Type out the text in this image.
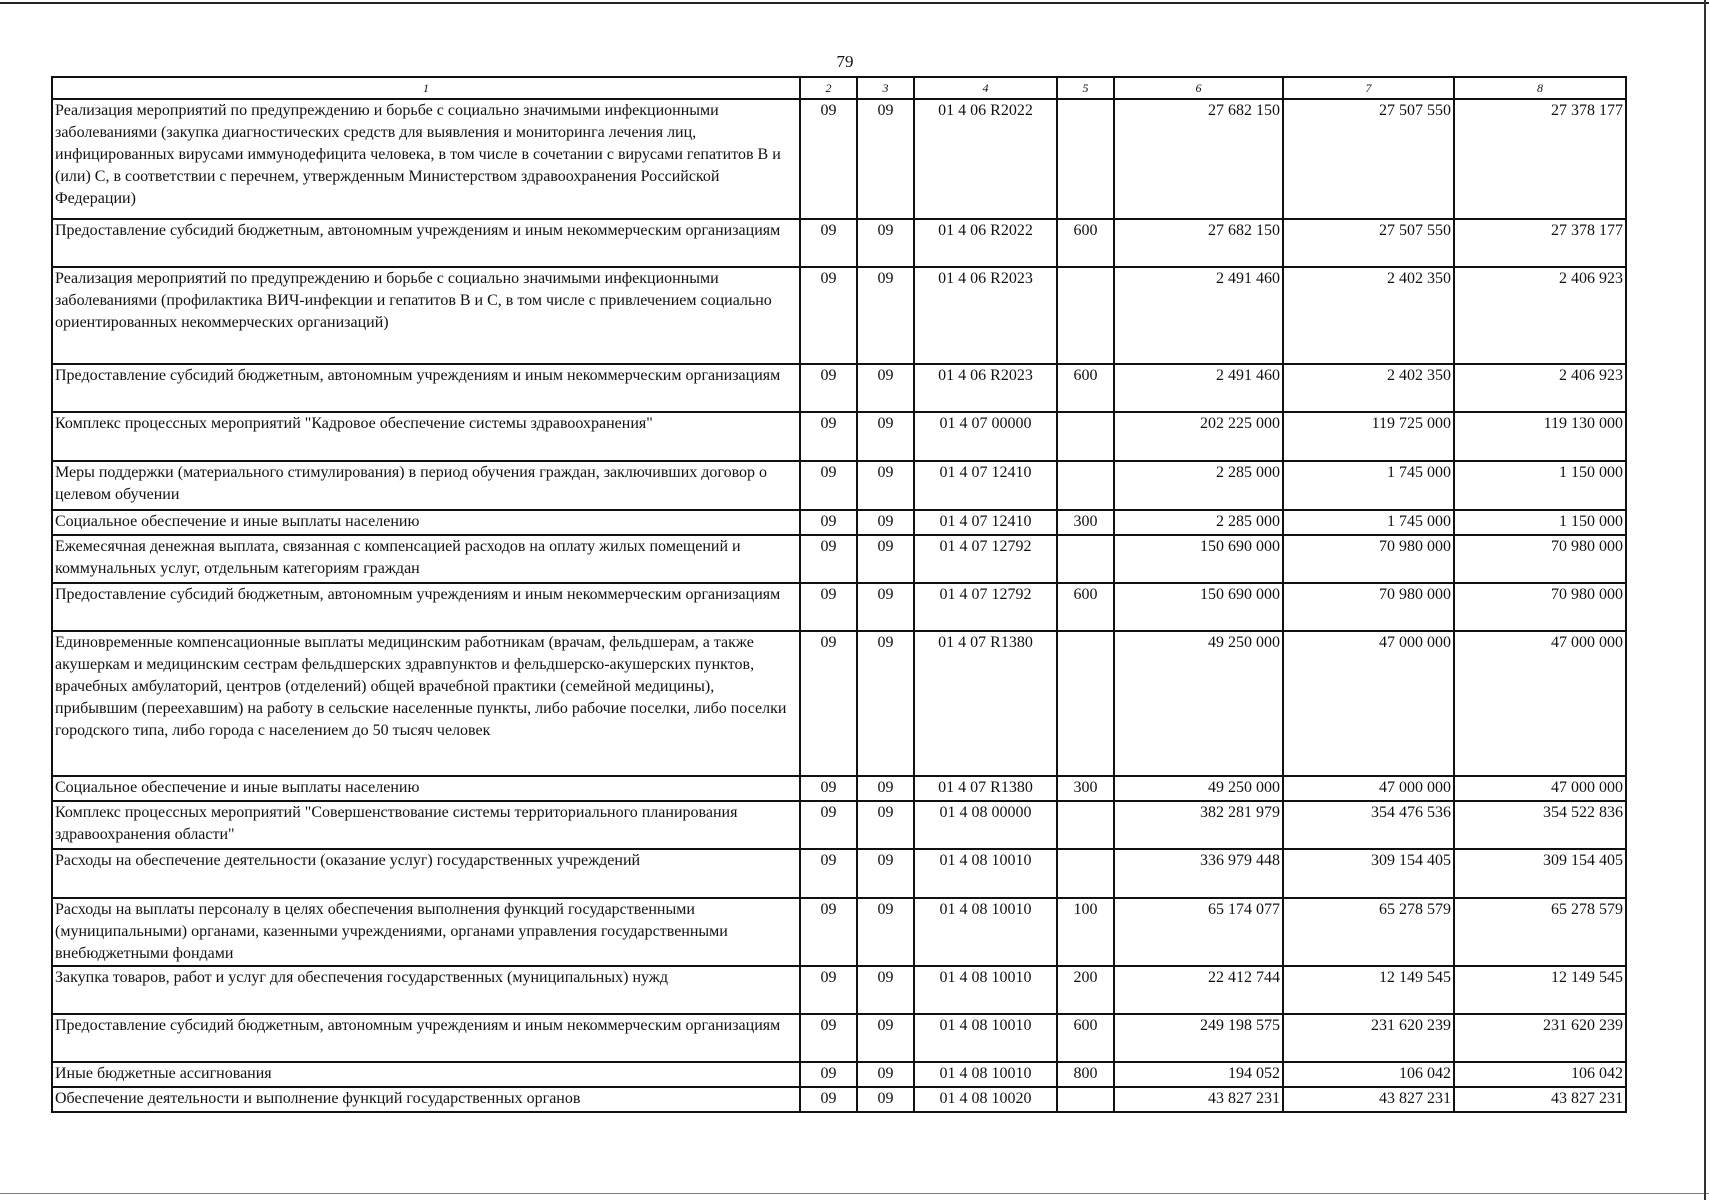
79
1	2	3	4	5	6	7	8
Реализация мероприятий по предупреждению и борьбе с социально значимыми инфекционными заболеваниями (закупка диагностических средств для выявления и мониторинга лечения лиц, инфицированных вирусами иммунодефицита человека, в том числе в сочетании с вирусами гепатитов В и (или) С, в соответствии с перечнем, утвержденным Министерством здравоохранения Российской Федерации)	09	09	01 4 06 R2022		27 682 150	27 507 550	27 378 177
Предоставление субсидий бюджетным, автономным учреждениям и иным некоммерческим организациям	09	09	01 4 06 R2022	600	27 682 150	27 507 550	27 378 177
Реализация мероприятий по предупреждению и борьбе с социально значимыми инфекционными заболеваниями (профилактика ВИЧ-инфекции и гепатитов В и С, в том числе с привлечением социально ориентированных некоммерческих организаций)	09	09	01 4 06 R2023		2 491 460	2 402 350	2 406 923
Предоставление субсидий бюджетным, автономным учреждениям и иным некоммерческим организациям	09	09	01 4 06 R2023	600	2 491 460	2 402 350	2 406 923
Комплекс процессных мероприятий "Кадровое обеспечение системы здравоохранения"	09	09	01 4 07 00000		202 225 000	119 725 000	119 130 000
Меры поддержки (материального стимулирования) в период обучения граждан, заключивших договор о целевом обучении	09	09	01 4 07 12410		2 285 000	1 745 000	1 150 000
Социальное обеспечение и иные выплаты населению	09	09	01 4 07 12410	300	2 285 000	1 745 000	1 150 000
Ежемесячная денежная выплата, связанная с компенсацией расходов на оплату жилых помещений и коммунальных услуг, отдельным категориям граждан	09	09	01 4 07 12792		150 690 000	70 980 000	70 980 000
Предоставление субсидий бюджетным, автономным учреждениям и иным некоммерческим организациям	09	09	01 4 07 12792	600	150 690 000	70 980 000	70 980 000
Единовременные компенсационные выплаты медицинским работникам (врачам, фельдшерам, а также акушеркам и медицинским сестрам фельдшерских здравпунктов и фельдшерско-акушерских пунктов, врачебных амбулаторий, центров (отделений) общей врачебной практики (семейной медицины), прибывшим (переехавшим) на работу в сельские населенные пункты, либо рабочие поселки, либо поселки городского типа, либо города с населением до 50 тысяч человек	09	09	01 4 07 R1380		49 250 000	47 000 000	47 000 000
Социальное обеспечение и иные выплаты населению	09	09	01 4 07 R1380	300	49 250 000	47 000 000	47 000 000
Комплекс процессных мероприятий "Совершенствование системы территориального планирования здравоохранения области"	09	09	01 4 08 00000		382 281 979	354 476 536	354 522 836
Расходы на обеспечение деятельности (оказание услуг) государственных учреждений	09	09	01 4 08 10010		336 979 448	309 154 405	309 154 405
Расходы на выплаты персоналу в целях обеспечения выполнения функций государственными (муниципальными) органами, казенными учреждениями, органами управления государственными внебюджетными фондами	09	09	01 4 08 10010	100	65 174 077	65 278 579	65 278 579
Закупка товаров, работ и услуг для обеспечения государственных (муниципальных) нужд	09	09	01 4 08 10010	200	22 412 744	12 149 545	12 149 545
Предоставление субсидий бюджетным, автономным учреждениям и иным некоммерческим организациям	09	09	01 4 08 10010	600	249 198 575	231 620 239	231 620 239
Иные бюджетные ассигнования	09	09	01 4 08 10010	800	194 052	106 042	106 042
Обеспечение деятельности и выполнение функций государственных органов	09	09	01 4 08 10020		43 827 231	43 827 231	43 827 231
